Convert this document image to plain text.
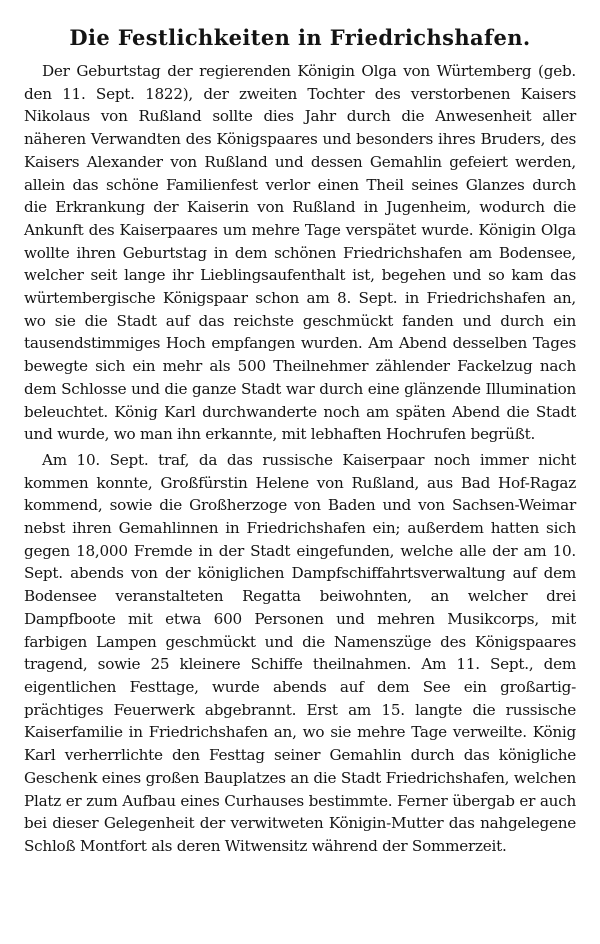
Die Festlichkeiten in Friedrichshafen.

Der Geburtstag der regierenden Königin Olga von Würtemberg (geb. den 11. Sept. 1822), der zweiten Tochter des verstorbenen Kaisers Nikolaus von Rußland sollte dies Jahr durch die Anwesenheit aller näheren Verwandten des Königspaares und besonders ihres Bruders, des Kaisers Alexander von Rußland und dessen Gemahlin gefeiert werden, allein das schöne Familienfest verlor einen Theil seines Glanzes durch die Erkrankung der Kaiserin von Rußland in Jugenheim, wodurch die Ankunft des Kaiserpaares um mehre Tage verspätet wurde. Königin Olga wollte ihren Geburtstag in dem schönen Friedrichshafen am Bodensee, welcher seit lange ihr Lieblingsaufenthalt ist, begehen und so kam das würtembergische Königspaar schon am 8. Sept. in Friedrichshafen an, wo sie die Stadt auf das reichste geschmückt fanden und durch ein tausendstimmiges Hoch empfangen wurden. Am Abend desselben Tages bewegte sich ein mehr als 500 Theilnehmer zählender Fackelzug nach dem Schlosse und die ganze Stadt war durch eine glänzende Illumination beleuchtet. König Karl durchwanderte noch am späten Abend die Stadt und wurde, wo man ihn erkannte, mit lebhaften Hochrufen begrüßt.

Am 10. Sept. traf, da das russische Kaiserpaar noch immer nicht kommen konnte, Großfürstin Helene von Rußland, aus Bad Hof-Ragaz kommend, sowie die Großherzoge von Baden und von Sachsen-Weimar nebst ihren Gemahlinnen in Friedrichshafen ein; außerdem hatten sich gegen 18,000 Fremde in der Stadt eingefunden, welche alle der am 10. Sept. abends von der königlichen Dampfschiffahrtsverwaltung auf dem Bodensee veranstalteten Regatta beiwohnten, an welcher drei Dampfboote mit etwa 600 Personen und mehren Musikcorps, mit farbigen Lampen geschmückt und die Namenszüge des Königspaares tragend, sowie 25 kleinere Schiffe theilnahmen. Am 11. Sept., dem eigentlichen Festtage, wurde abends auf dem See ein großartig-prächtiges Feuerwerk abgebrannt. Erst am 15. langte die russische Kaiserfamilie in Friedrichshafen an, wo sie mehre Tage verweilte. König Karl verherrlichte den Festtag seiner Gemahlin durch das königliche Geschenk eines großen Bauplatzes an die Stadt Friedrichshafen, welchen Platz er zum Aufbau eines Curhauses bestimmte. Ferner übergab er auch bei dieser Gelegenheit der verwitweten Königin-Mutter das nahgelegene Schloß Montfort als deren Witwensitz während der Sommerzeit.
